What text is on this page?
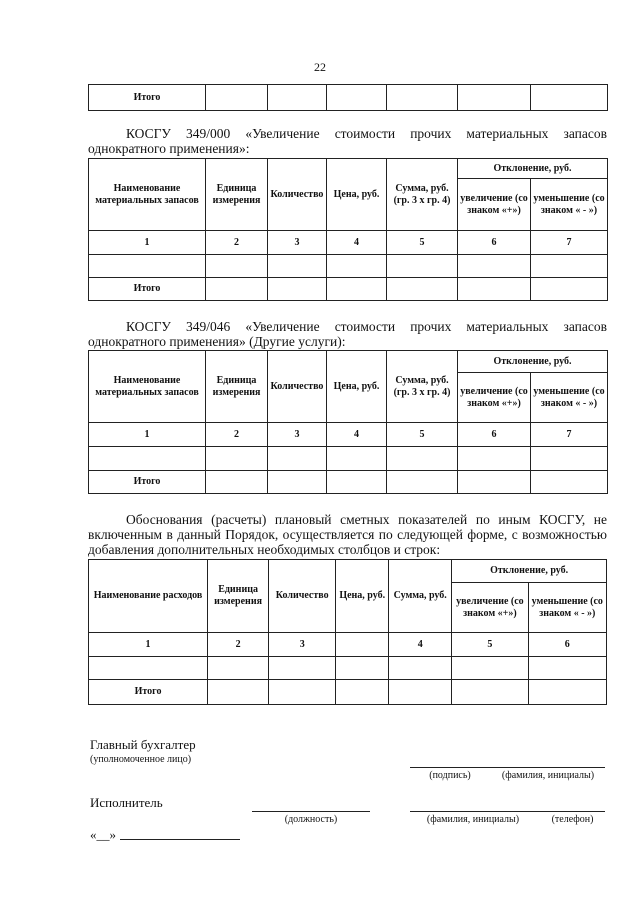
22
Итого						
КОСГУ 349/000 «Увеличение стоимости прочих материальных запасов однократного применения»:
Наименование материальных запасов	Единица измерения	Количество	Цена, руб.	Сумма, руб. (гр. 3 х гр. 4)	Отклонение, руб.	
					увеличение (со знаком «+»)	уменьшение (со знаком « - »)
1	2	3	4	5	6	7

Итого						
КОСГУ 349/046 «Увеличение стоимости прочих материальных запасов однократного применения» (Другие услуги):
Наименование материальных запасов	Единица измерения	Количество	Цена, руб.	Сумма, руб. (гр. 3 х гр. 4)	Отклонение, руб.	
					увеличение (со знаком «+»)	уменьшение (со знаком « - »)
1	2	3	4	5	6	7

Итого						
Обоснования (расчеты) плановый сметных показателей по иным КОСГУ, не включенным в данный Порядок, осуществляется по следующей форме, с возможностью добавления дополнительных необходимых столбцов и строк:
Наименование расходов	Единица измерения	Количество	Цена, руб.	Сумма, руб.	Отклонение, руб.	
					увеличение (со знаком «+»)	уменьшение (со знаком « - »)
1	2	3		4	5	6

Итого						
Главный бухгалтер
(уполномоченное лицо)
(подпись)	(фамилия, инициалы)
Исполнитель
(должность)	(фамилия, инициалы)	(телефон)
«__»
